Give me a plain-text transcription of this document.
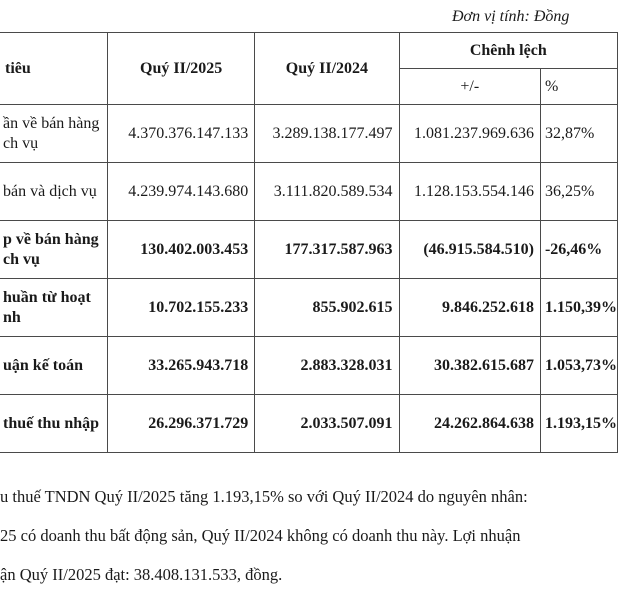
Đơn vị tính: Đồng
tiêu	Quý II/2025	Quý II/2024	Chênh lệch	
			+/-	%

ần về bán hàng
ch vụ	4.370.376.147.133	3.289.138.177.497	1.081.237.969.636	32,87%

bán và dịch vụ	4.239.974.143.680	3.111.820.589.534	1.128.153.554.146	36,25%

p về bán hàng
ch vụ	130.402.003.453	177.317.587.963	(46.915.584.510)	-26,46%

huần từ hoạt
nh	10.702.155.233	855.902.615	9.846.252.618	1.150,39%

uận kế toán	33.265.943.718	2.883.328.031	30.382.615.687	1.053,73%

thuế thu nhập	26.296.371.729	2.033.507.091	24.262.864.638	1.193,15%
u thuế TNDN Quý II/2025 tăng 1.193,15% so với Quý II/2024 do nguyên nhân:
25 có doanh thu bất động sản, Quý II/2024 không có doanh thu này. Lợi nhuận
ận Quý II/2025 đạt: 38.408.131.533, đồng.
